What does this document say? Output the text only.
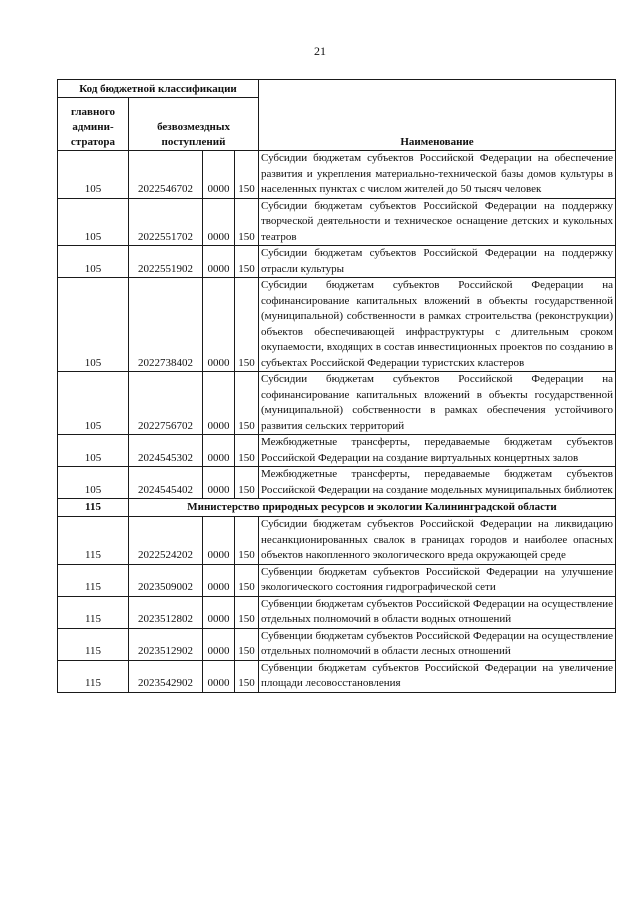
21
Код бюджетной классификации				Наименование
главного админи-стратора	безвозмездных поступлений			
105	2022546702	0000	150	Субсидии бюджетам субъектов Российской Федерации на обеспечение развития и укрепления материально-технической базы домов культуры в населенных пунктах с числом жителей до 50 тысяч человек
105	2022551702	0000	150	Субсидии бюджетам субъектов Российской Федерации на поддержку творческой деятельности и техническое оснащение детских и кукольных театров
105	2022551902	0000	150	Субсидии бюджетам субъектов Российской Федерации на поддержку отрасли культуры
105	2022738402	0000	150	Субсидии бюджетам субъектов Российской Федерации на софинансирование капитальных вложений в объекты государственной (муниципальной) собственности в рамках строительства (реконструкции) объектов обеспечивающей инфраструктуры с длительным сроком окупаемости, входящих в состав инвестиционных проектов по созданию в субъектах Российской Федерации туристских кластеров
105	2022756702	0000	150	Субсидии бюджетам субъектов Российской Федерации на софинансирование капитальных вложений в объекты государственной (муниципальной) собственности в рамках обеспечения устойчивого развития сельских территорий
105	2024545302	0000	150	Межбюджетные трансферты, передаваемые бюджетам субъектов Российской Федерации на создание виртуальных концертных залов
105	2024545402	0000	150	Межбюджетные трансферты, передаваемые бюджетам субъектов Российской Федерации на создание модельных муниципальных библиотек
115	Министерство природных ресурсов и экологии Калининградской области			
115	2022524202	0000	150	Субсидии бюджетам субъектов Российской Федерации на ликвидацию несанкционированных свалок в границах городов и наиболее опасных объектов накопленного экологического вреда окружающей среде
115	2023509002	0000	150	Субвенции бюджетам субъектов Российской Федерации на улучшение экологического состояния гидрографической сети
115	2023512802	0000	150	Субвенции бюджетам субъектов Российской Федерации на осуществление отдельных полномочий в области водных отношений
115	2023512902	0000	150	Субвенции бюджетам субъектов Российской Федерации на осуществление отдельных полномочий в области лесных отношений
115	2023542902	0000	150	Субвенции бюджетам субъектов Российской Федерации на увеличение площади лесовосстановления
